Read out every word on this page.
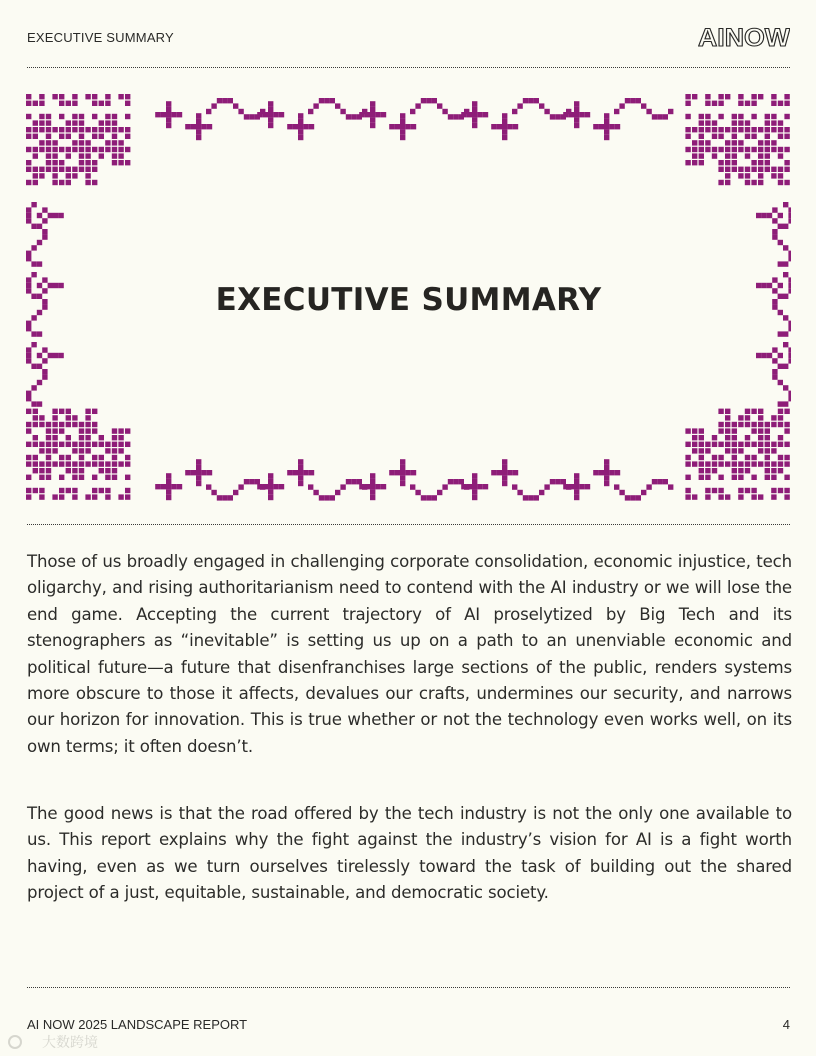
EXECUTIVE SUMMARY	AINOW
EXECUTIVE SUMMARY

Those of us broadly engaged in challenging corporate consolidation, economic injustice, tech oligarchy, and rising authoritarianism need to contend with the AI industry or we will lose the end game. Accepting the current trajectory of AI proselytized by Big Tech and its stenographers as “inevitable” is setting us up on a path to an unenviable economic and political future—a future that disenfranchises large sections of the public, renders systems more obscure to those it affects, devalues our crafts, undermines our security, and narrows our horizon for innovation. This is true whether or not the technology even works well, on its own terms; it often doesn’t.

The good news is that the road offered by the tech industry is not the only one available to us. This report explains why the fight against the industry’s vision for AI is a fight worth having, even as we turn ourselves tirelessly toward the task of building out the shared project of a just, equitable, sustainable, and democratic society.

AI NOW 2025 LANDSCAPE REPORT	4
大数跨境
